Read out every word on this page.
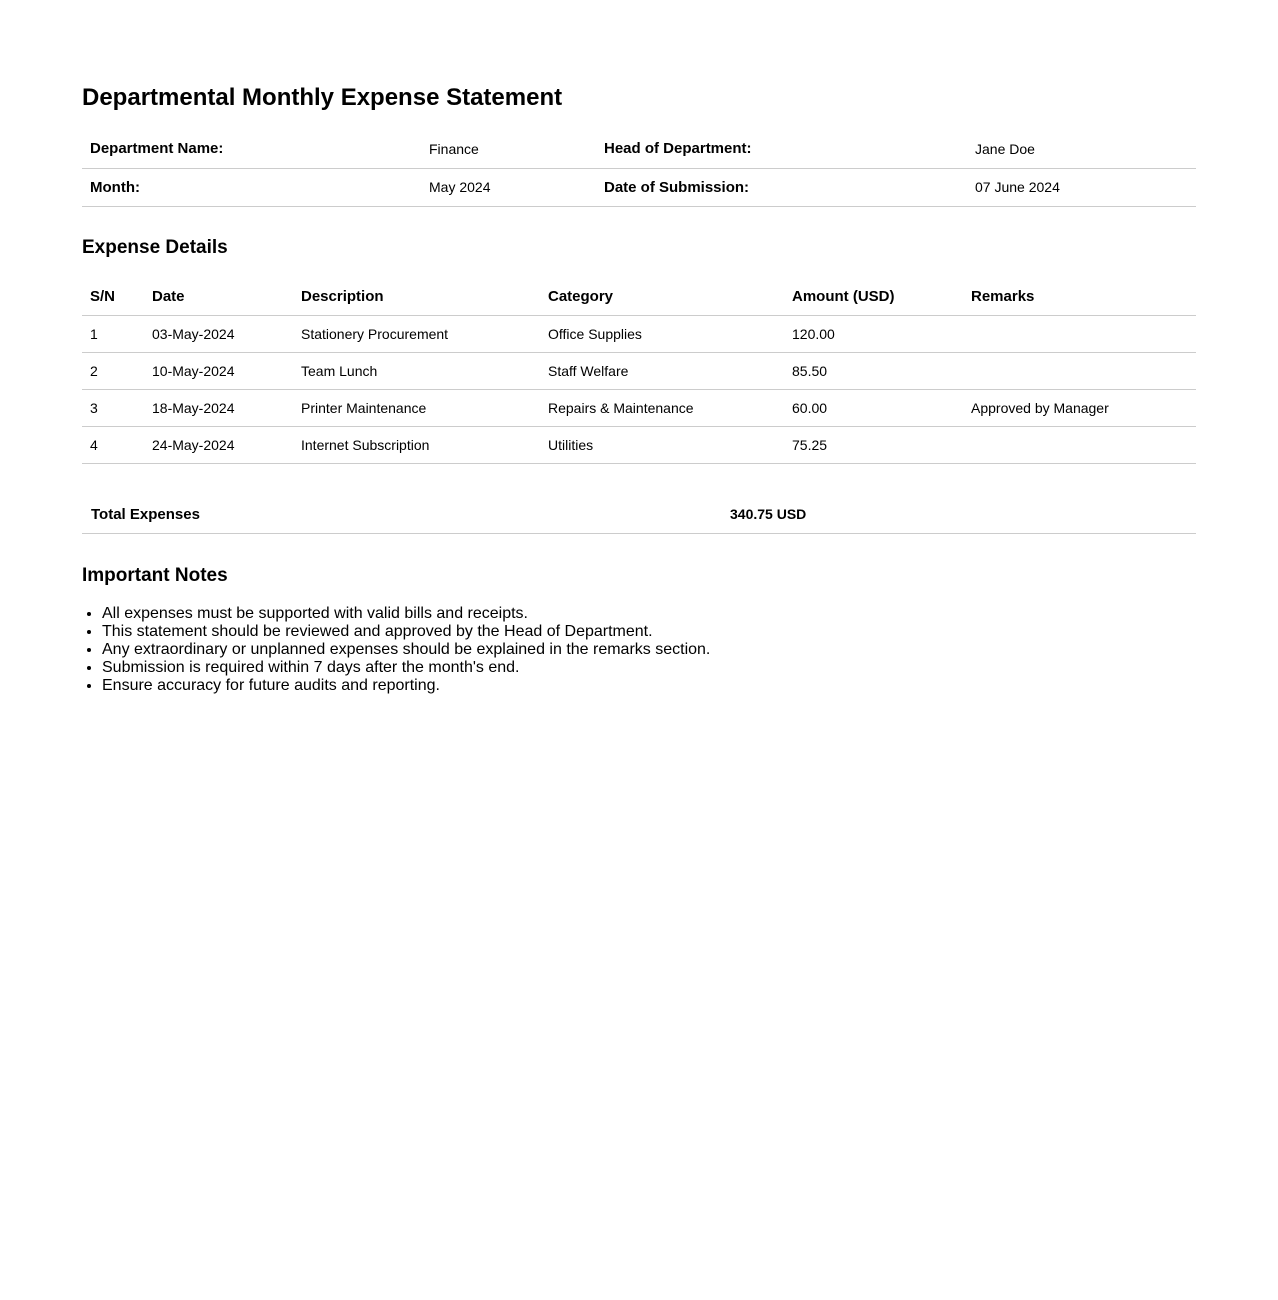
Departmental Monthly Expense Statement
Department Name:	Finance	Head of Department:	Jane Doe
Month:	May 2024	Date of Submission:	07 June 2024
Expense Details
S/N	Date	Description	Category	Amount (USD)	Remarks
1	03-May-2024	Stationery Procurement	Office Supplies	120.00	
2	10-May-2024	Team Lunch	Staff Welfare	85.50	
3	18-May-2024	Printer Maintenance	Repairs & Maintenance	60.00	Approved by Manager
4	24-May-2024	Internet Subscription	Utilities	75.25	
Total Expenses	340.75 USD
Important Notes
• All expenses must be supported with valid bills and receipts.
• This statement should be reviewed and approved by the Head of Department.
• Any extraordinary or unplanned expenses should be explained in the remarks section.
• Submission is required within 7 days after the month's end.
• Ensure accuracy for future audits and reporting.
